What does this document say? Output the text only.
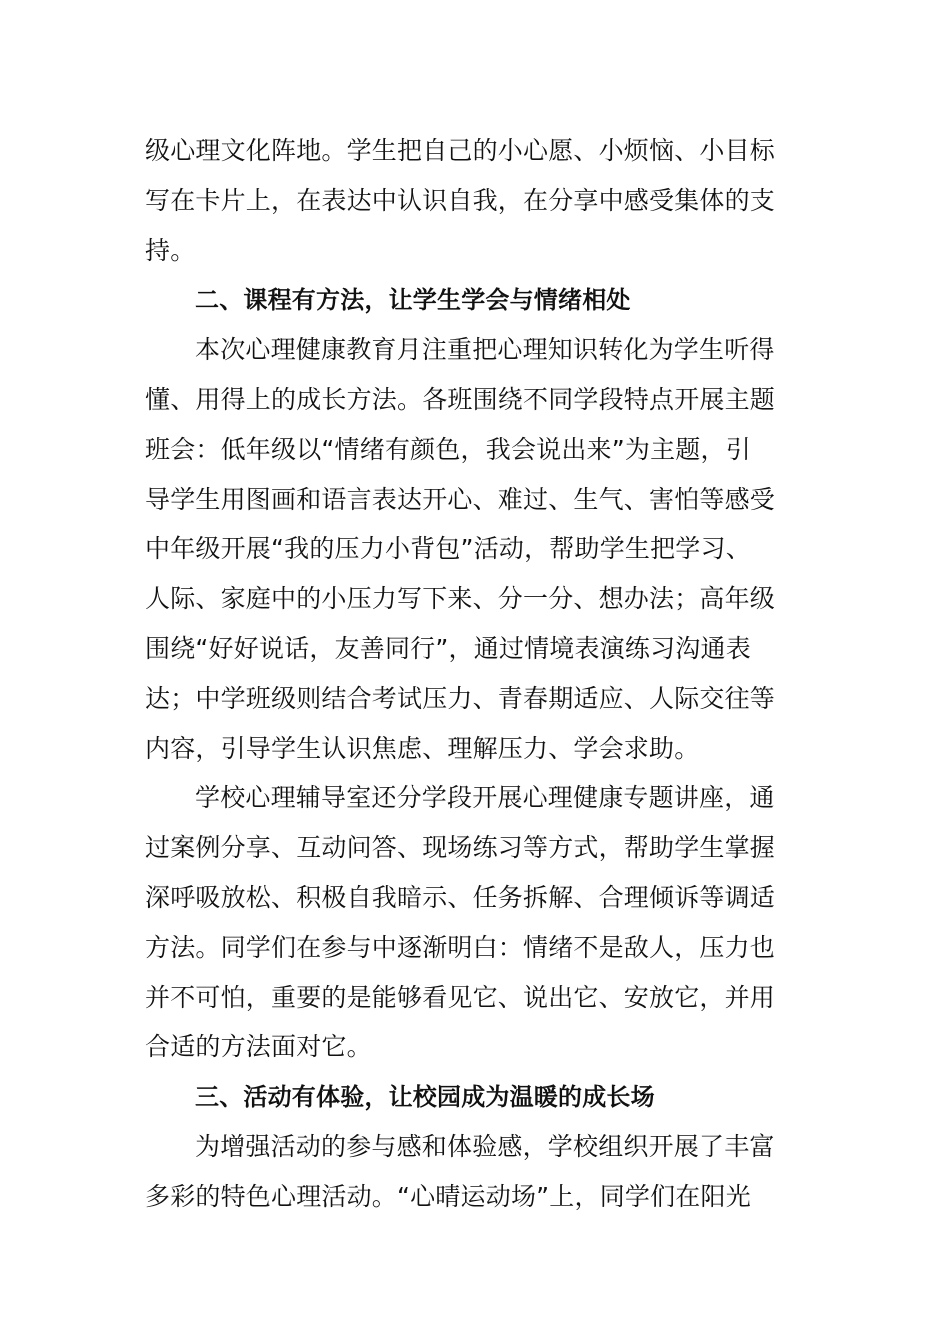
级心理文化阵地。学生把自己的小心愿、小烦恼、小目标
写在卡片上，在表达中认识自我，在分享中感受集体的支
持。
二、课程有方法，让学生学会与情绪相处
本次心理健康教育月注重把心理知识转化为学生听得
懂、用得上的成长方法。各班围绕不同学段特点开展主题
班会：低年级以“情绪有颜色，我会说出来”为主题，引
导学生用图画和语言表达开心、难过、生气、害怕等感受
中年级开展“我的压力小背包”活动，帮助学生把学习、
人际、家庭中的小压力写下来、分一分、想办法；高年级
围绕“好好说话，友善同行”，通过情境表演练习沟通表
达；中学班级则结合考试压力、青春期适应、人际交往等
内容，引导学生认识焦虑、理解压力、学会求助。
学校心理辅导室还分学段开展心理健康专题讲座，通
过案例分享、互动问答、现场练习等方式，帮助学生掌握
深呼吸放松、积极自我暗示、任务拆解、合理倾诉等调适
方法。同学们在参与中逐渐明白：情绪不是敌人，压力也
并不可怕，重要的是能够看见它、说出它、安放它，并用
合适的方法面对它。
三、活动有体验，让校园成为温暖的成长场
为增强活动的参与感和体验感，学校组织开展了丰富
多彩的特色心理活动。“心晴运动场”上，同学们在阳光
